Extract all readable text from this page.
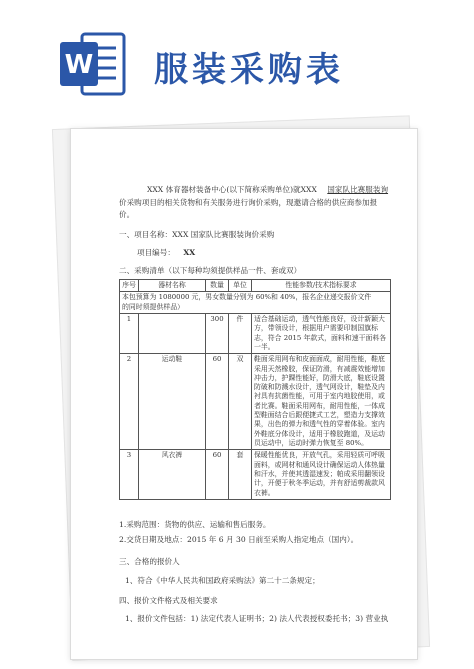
W 服装采购表
XXX 体育器材装备中心(以下简称采购单位)就XXX 国家队比赛服装询
价采购项目的相关货物和有关服务进行询价采购，现邀请合格的供应商参加报
价。
一、项目名称：XXX 国家队比赛服装询价采购
项目编号： XX
二、采购清单（以下每种均须提供样品一件、套或双）
序号	器材名称	数量	单位	性能参数/技术指标要求
本包预算为 1080000 元，男女数量分别为 60%和 40%，报名企业递交报价文件
的同时须提供样品）				
1		300	件	适合基础运动，透气性能良好，设计新颖大方，带领设计，根据用户需要印制国旗标志，符合 2015 年款式，面料和速干面料各一半。
2	运动鞋	60	双	鞋面采用网布和皮面面成，耐用性能，鞋底采用天然橡胶，保证防滑，有减震效能增加冲击力，护踝性能好，防滑大底，鞋底设置防破和防溅水设计，透气网设计，鞋垫及内衬具有抗菌性能，可用于室内地胶使用，或者比赛。鞋面采用网布，耐用性能，一体成型鞋面结合后跟便捷式工艺，塑造力支撑效果，出色的弹力和透气性的穿着体验。室内外鞋底分体设计，适用于橡胶跑道，及运动员运动中，运动时弹力恢复至 80%。
3	风衣裤	60	套	保暖性能优良，开放气孔，采用轻质可呼吸面料，或网材和通风设计确保运动人体热量和汗水，并使其透湿速发；帕成采用翻领设计，开便于秋冬季运动，并有舒适剪裁款风衣裤。
1.采购范围：货物的供应、运输和售后服务。
2.交货日期及地点：2015 年 6 月 30 日前至采购人指定地点（国内）。
三、合格的报价人
1、符合《中华人民共和国政府采购法》第二十二条规定；
四、报价文件格式及相关要求
1、报价文件包括：1) 法定代表人证明书；2) 法人代表授权委托书；3) 营业执
